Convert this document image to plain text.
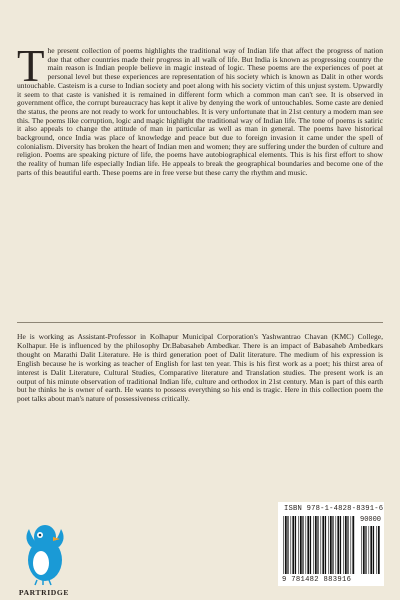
The present collection of poems highlights the traditional way of Indian life that affect the progress of nation due that other countries made their progress in all walk of life. But India is known as progressing country the main reason is Indian people believe in magic instead of logic. These poems are the experiences of poet at personal level but these experiences are representation of his society which is known as Dalit in other words untouchable. Casteism is a curse to Indian society and poet along with his society victim of this unjust system. Upwardly it seem to that caste is vanished it is remained in different form which a common man can't see. It is observed in government office, the corrupt bureaucracy has kept it alive by denying the work of untouchables. Some caste are denied the status, the peons are not ready to work for untouchables. It is very unfortunate that in 21st century a modern man see this. The poems like corruption, logic and magic highlight the traditional way of Indian life. The tone of poems is satiric it also appeals to change the attitude of man in particular as well as man in general. The poems have historical background, once India was place of knowledge and peace but due to foreign invasion it came under the spell of colonialism. Diversity has broken the heart of Indian men and women; they are suffering under the burden of culture and religion. Poems are speaking picture of life, the poems have autobiographical elements. This is his first effort to show the reality of human life especially Indian life. He appeals to break the geographical boundaries and become one of the parts of this beautiful earth. These poems are in free verse but these carry the rhythm and music.
He is working as Assistant-Professor in Kolhapur Municipal Corporation's Yashwantrao Chavan (KMC) College, Kolhapur. He is influenced by the philosophy Dr.Babasaheb Ambedkar. There is an impact of Babasaheb Ambedkars thought on Marathi Dalit Literature. He is third generation poet of Dalit literature. The medium of his expression is English because he is working as teacher of English for last ten year. This is his first work as a poet; his thirst area of interest is Dalit Literature, Cultural Studies, Comparative literature and Translation studies. The present work is an output of his minute observation of traditional Indian life, culture and orthodox in 21st century. Man is part of this earth but he thinks he is owner of earth. He wants to possess everything so his end is tragic. Here in this collection poem the poet talks about man's nature of possessiveness critically.
PARTRIDGE
ISBN 978-1-4828-8391-6
90000
9 781482 883916
